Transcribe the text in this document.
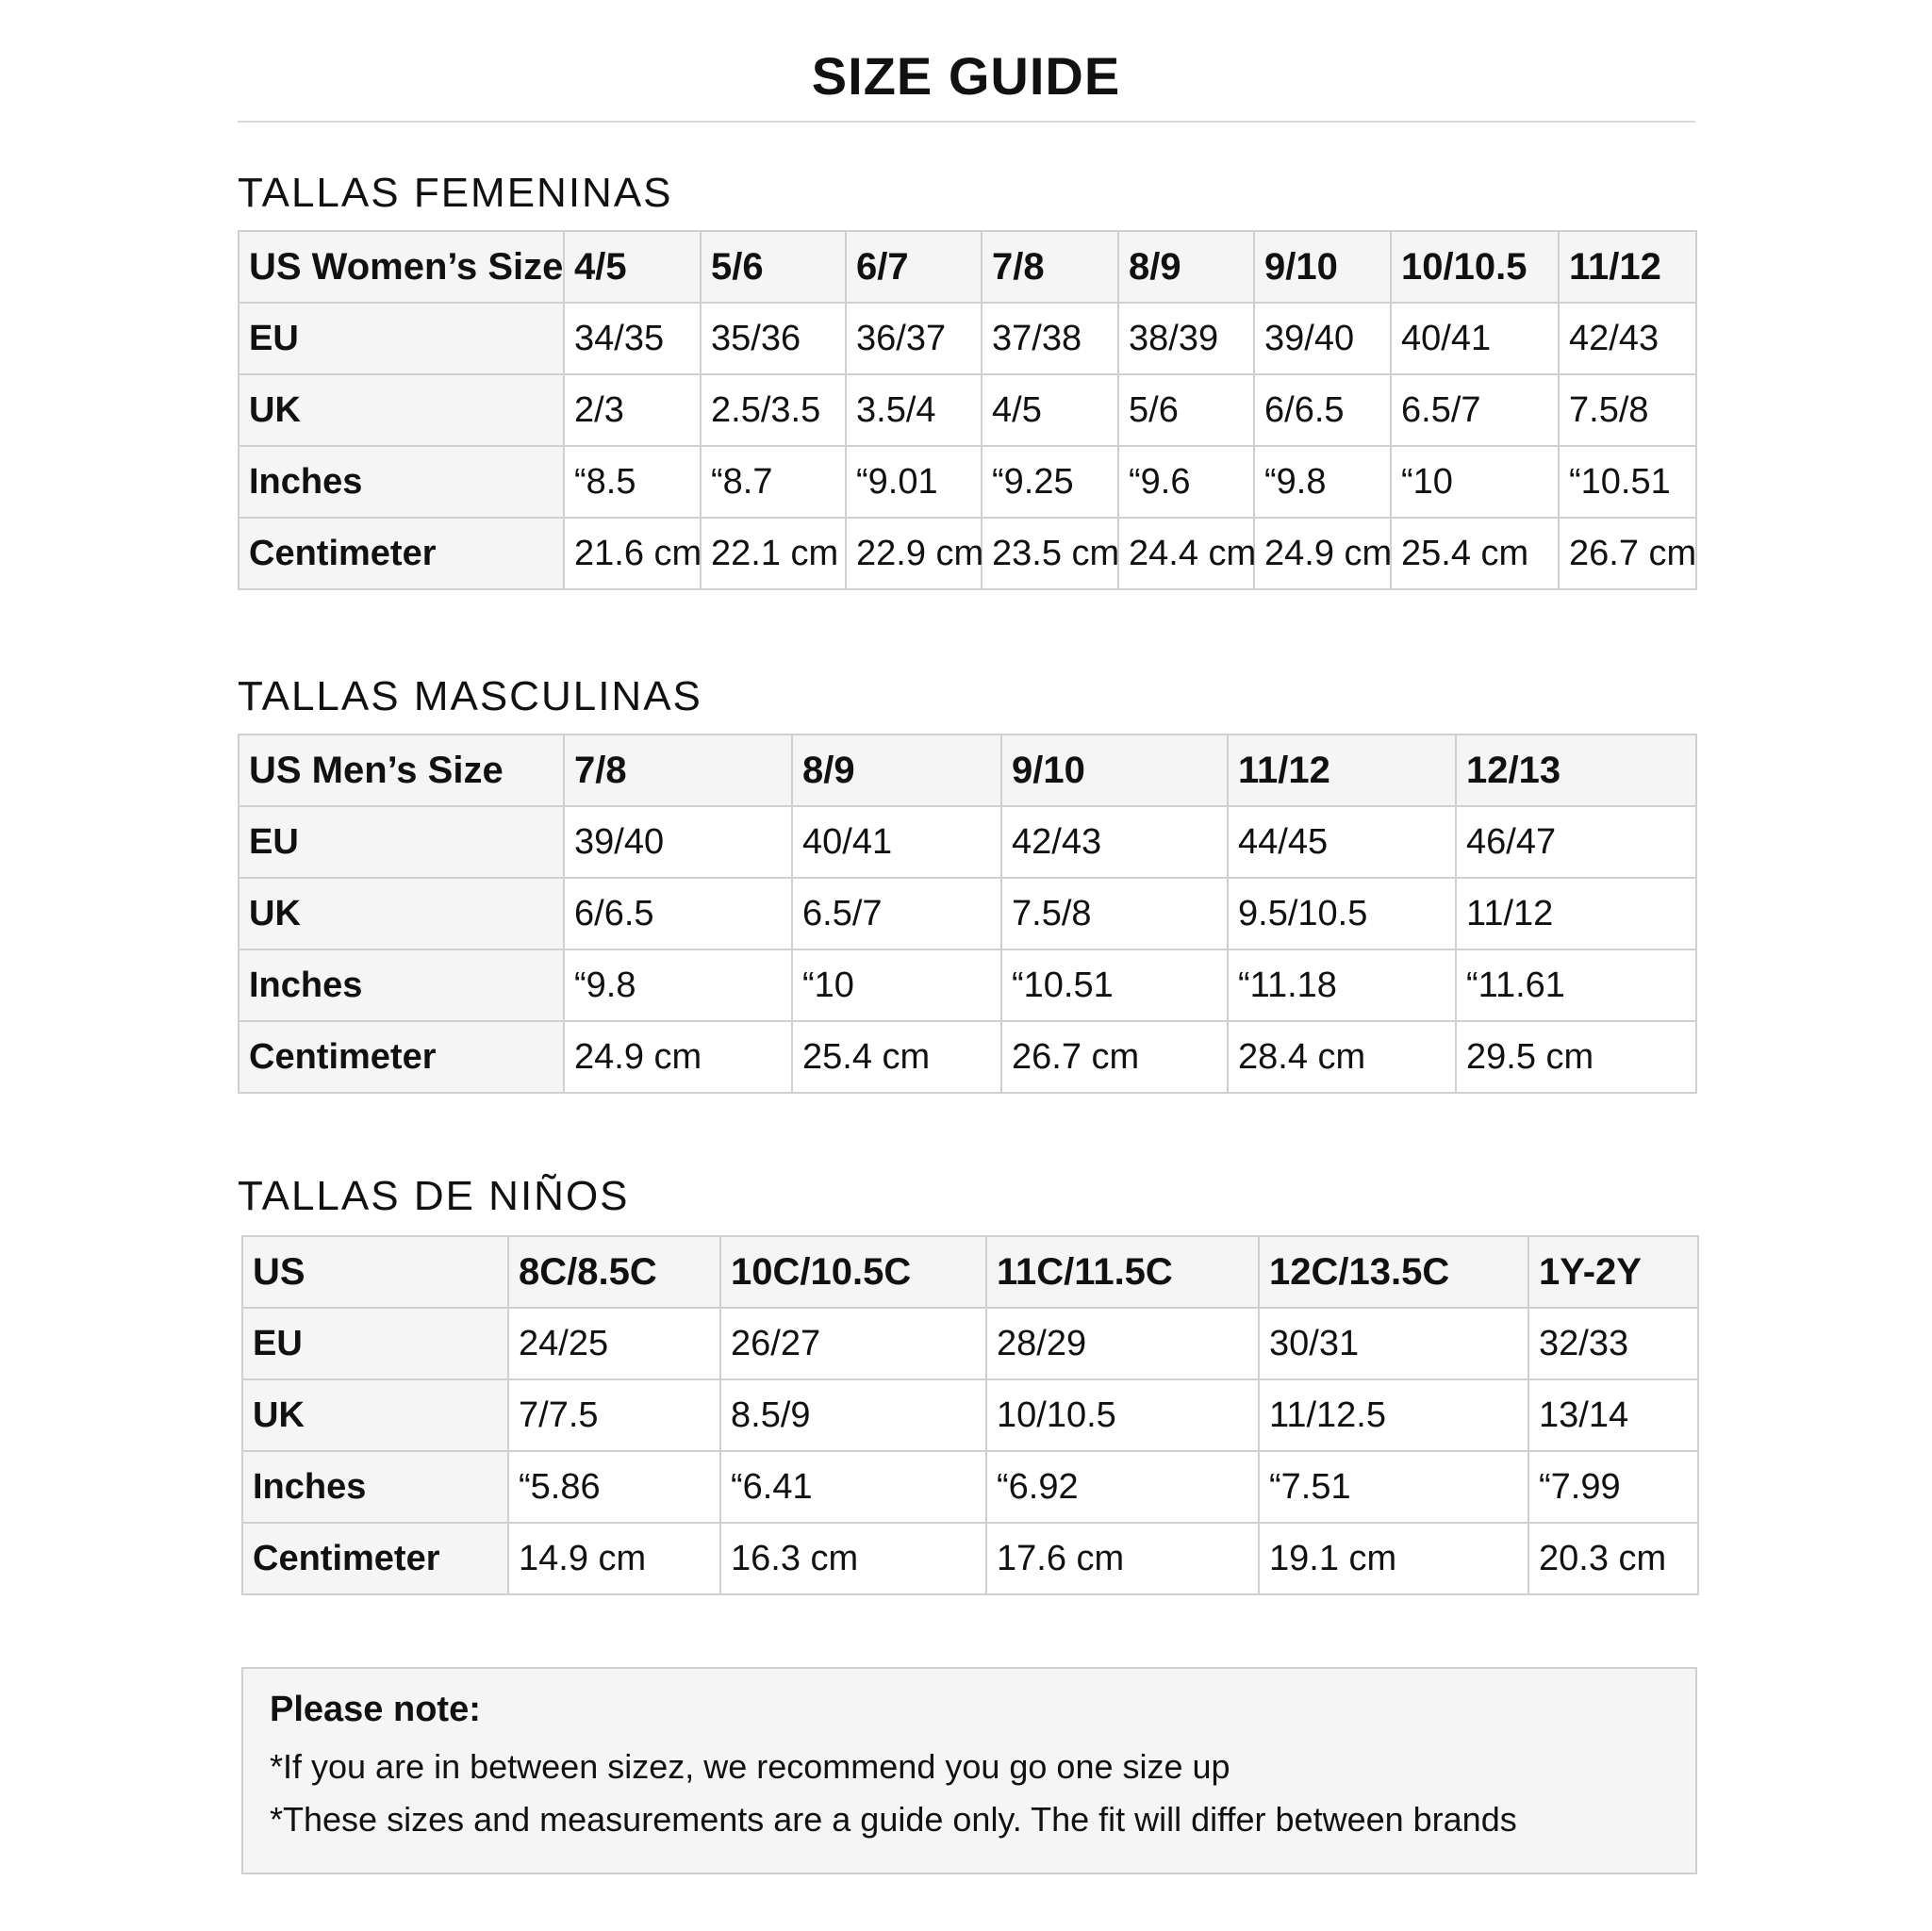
SIZE GUIDE
TALLAS FEMENINAS
US Women’s Size	4/5	5/6	6/7	7/8	8/9	9/10	10/10.5	11/12
EU	34/35	35/36	36/37	37/38	38/39	39/40	40/41	42/43
UK	2/3	2.5/3.5	3.5/4	4/5	5/6	6/6.5	6.5/7	7.5/8
Inches	“8.5	“8.7	“9.01	“9.25	“9.6	“9.8	“10	“10.51
Centimeter	21.6 cm	22.1 cm	22.9 cm	23.5 cm	24.4 cm	24.9 cm	25.4 cm	26.7 cm
TALLAS MASCULINAS
US Men’s Size	7/8	8/9	9/10	11/12	12/13
EU	39/40	40/41	42/43	44/45	46/47
UK	6/6.5	6.5/7	7.5/8	9.5/10.5	11/12
Inches	“9.8	“10	“10.51	“11.18	“11.61
Centimeter	24.9 cm	25.4 cm	26.7 cm	28.4 cm	29.5 cm
TALLAS DE NIÑOS
US	8C/8.5C	10C/10.5C	11C/11.5C	12C/13.5C	1Y-2Y
EU	24/25	26/27	28/29	30/31	32/33
UK	7/7.5	8.5/9	10/10.5	11/12.5	13/14
Inches	“5.86	“6.41	“6.92	“7.51	“7.99
Centimeter	14.9 cm	16.3 cm	17.6 cm	19.1 cm	20.3 cm

Please note:

*If you are in between sizez, we recommend you go one size up

*These sizes and measurements are a guide only. The fit will differ between brands
